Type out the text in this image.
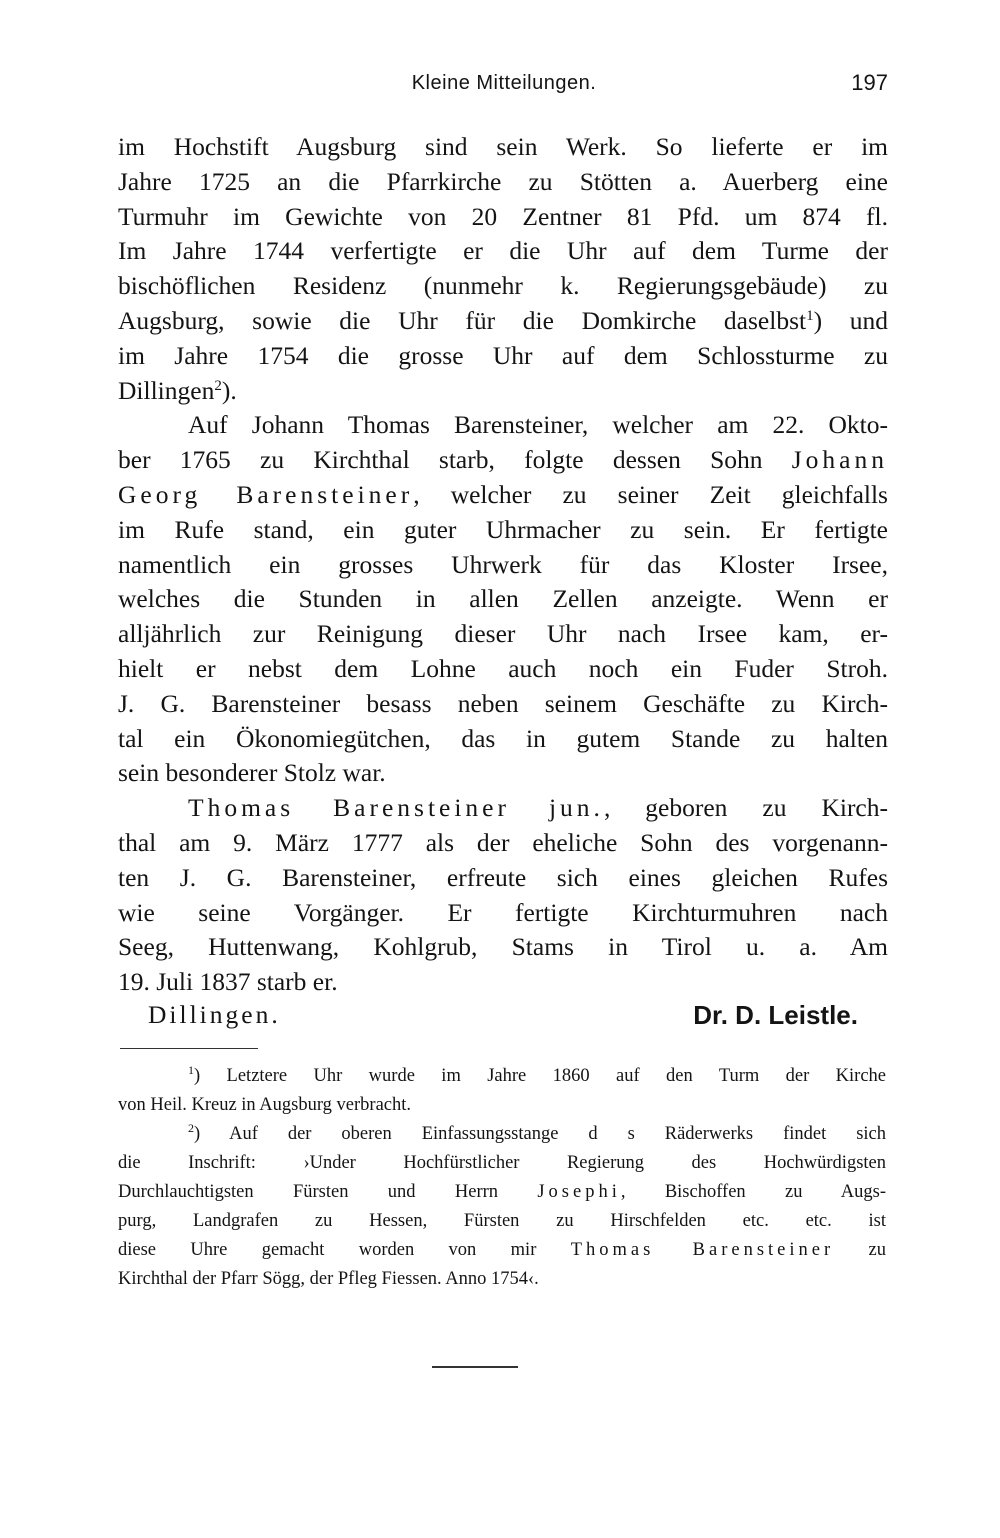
Kleine Mitteilungen.	197
im Hochstift Augsburg sind sein Werk. So lieferte er im
Jahre 1725 an die Pfarrkirche zu Stötten a. Auerberg eine
Turmuhr im Gewichte von 20 Zentner 81 Pfd. um 874 fl.
Im Jahre 1744 verfertigte er die Uhr auf dem Turme der
bischöflichen Residenz (nunmehr k. Regierungsgebäude) zu
Augsburg, sowie die Uhr für die Domkirche daselbst$^1$) und
im Jahre 1754 die grosse Uhr auf dem Schlossturme zu
Dillingen$^2$).
Auf Johann Thomas Barensteiner, welcher am 22. Okto-
ber 1765 zu Kirchthal starb, folgte dessen Sohn Johann
Georg Barensteiner, welcher zu seiner Zeit gleichfalls
im Rufe stand, ein guter Uhrmacher zu sein. Er fertigte
namentlich ein grosses Uhrwerk für das Kloster Irsee,
welches die Stunden in allen Zellen anzeigte. Wenn er
alljährlich zur Reinigung dieser Uhr nach Irsee kam, er-
hielt er nebst dem Lohne auch noch ein Fuder Stroh.
J. G. Barensteiner besass neben seinem Geschäfte zu Kirch-
tal ein Ökonomiegütchen, das in gutem Stande zu halten
sein besonderer Stolz war.
Thomas Barensteiner jun., geboren zu Kirch-
thal am 9. März 1777 als der eheliche Sohn des vorgenann-
ten J. G. Barensteiner, erfreute sich eines gleichen Rufes
wie seine Vorgänger. Er fertigte Kirchturmuhren nach
Seeg, Huttenwang, Kohlgrub, Stams in Tirol u. a. Am
19. Juli 1837 starb er.
Dillingen.	Dr. D. Leistle.
$^1$) Letztere Uhr wurde im Jahre 1860 auf den Turm der Kirche
von Heil. Kreuz in Augsburg verbracht.
$^2$) Auf der oberen Einfassungsstange d s Räderwerks findet sich
die Inschrift: ›Under Hochfürstlicher Regierung des Hochwürdigsten
Durchlauchtigsten Fürsten und Herrn Josephi, Bischoffen zu Augs-
purg, Landgrafen zu Hessen, Fürsten zu Hirschfelden etc. etc. ist
diese Uhre gemacht worden von mir Thomas Barensteiner zu
Kirchthal der Pfarr Sögg, der Pfleg Fiessen. Anno 1754‹.
